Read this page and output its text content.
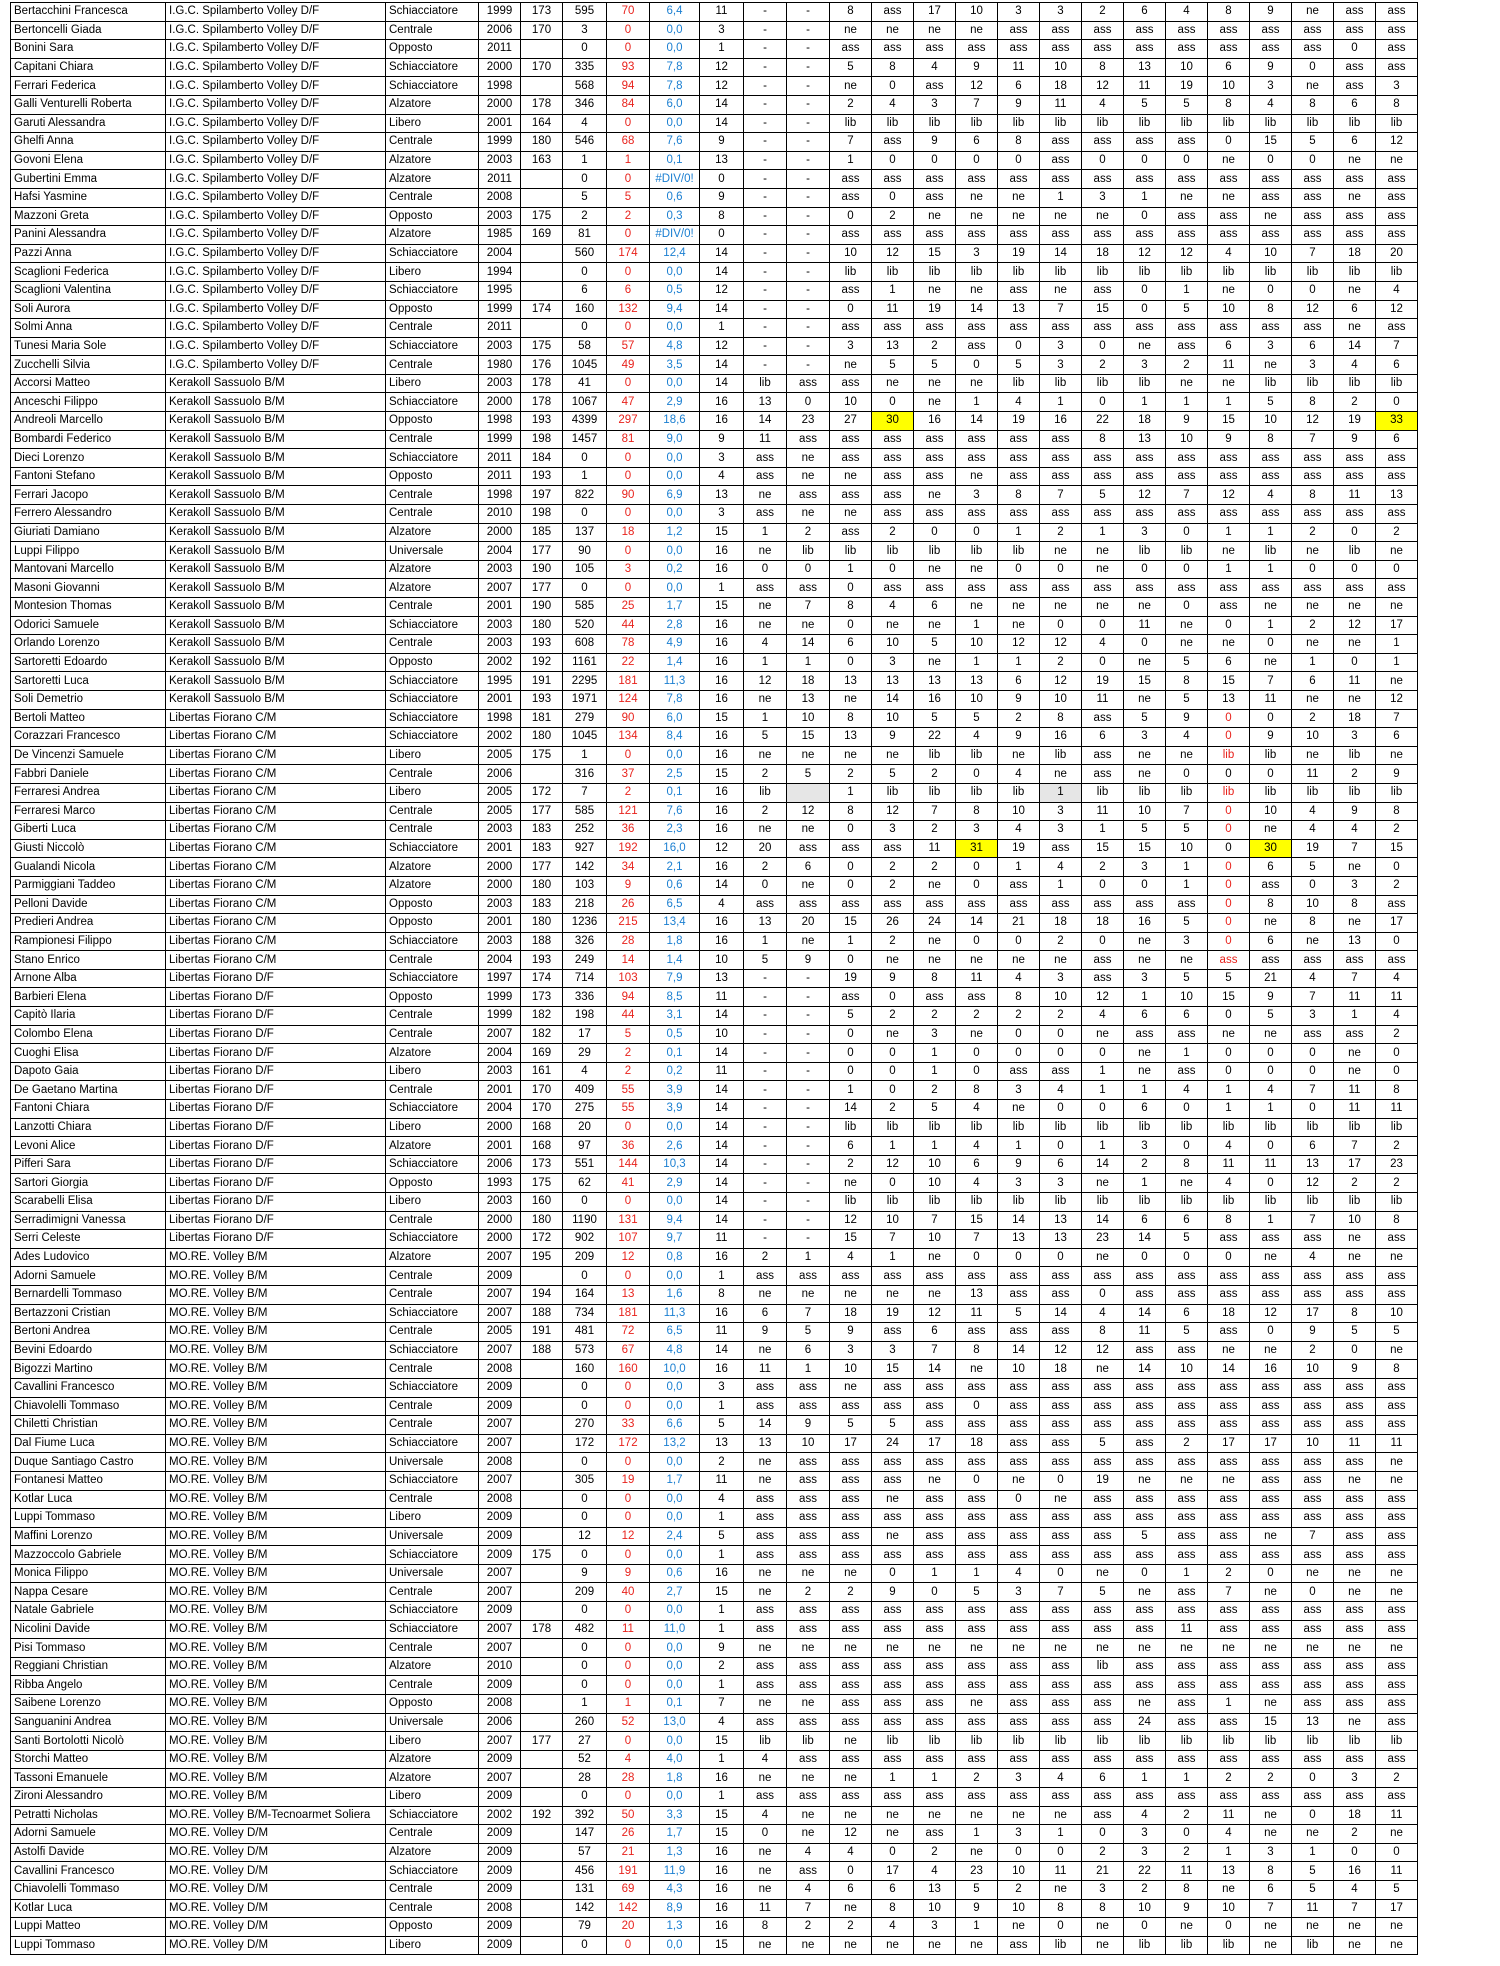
Bertacchini Francesca	I.G.C. Spilamberto Volley D/F	Schiacciatore	1999	173	595	70	6,4	11	-	-	8	ass	17	10	3	3	2	6	4	8	9	ne	ass	ass
Bertoncelli Giada	I.G.C. Spilamberto Volley D/F	Centrale	2006	170	3	0	0,0	3	-	-	ne	ne	ne	ne	ass	ass	ass	ass	ass	ass	ass	ass	ass	ass
Bonini Sara	I.G.C. Spilamberto Volley D/F	Opposto	2011		0	0	0,0	1	-	-	ass	ass	ass	ass	ass	ass	ass	ass	ass	ass	ass	ass	0	ass
Capitani Chiara	I.G.C. Spilamberto Volley D/F	Schiacciatore	2000	170	335	93	7,8	12	-	-	5	8	4	9	11	10	8	13	10	6	9	0	ass	ass
Ferrari Federica	I.G.C. Spilamberto Volley D/F	Schiacciatore	1998		568	94	7,8	12	-	-	ne	0	ass	12	6	18	12	11	19	10	3	ne	ass	3
Galli Venturelli Roberta	I.G.C. Spilamberto Volley D/F	Alzatore	2000	178	346	84	6,0	14	-	-	2	4	3	7	9	11	4	5	5	8	4	8	6	8
Garuti Alessandra	I.G.C. Spilamberto Volley D/F	Libero	2001	164	4	0	0,0	14	-	-	lib	lib	lib	lib	lib	lib	lib	lib	lib	lib	lib	lib	lib	lib
Ghelfi Anna	I.G.C. Spilamberto Volley D/F	Centrale	1999	180	546	68	7,6	9	-	-	7	ass	9	6	8	ass	ass	ass	ass	0	15	5	6	12
Govoni Elena	I.G.C. Spilamberto Volley D/F	Alzatore	2003	163	1	1	0,1	13	-	-	1	0	0	0	0	ass	0	0	0	ne	0	0	ne	ne
Gubertini Emma	I.G.C. Spilamberto Volley D/F	Alzatore	2011		0	0	#DIV/0!	0	-	-	ass	ass	ass	ass	ass	ass	ass	ass	ass	ass	ass	ass	ass	ass
Hafsi Yasmine	I.G.C. Spilamberto Volley D/F	Centrale	2008		5	5	0,6	9	-	-	ass	0	ass	ne	ne	1	3	1	ne	ne	ass	ass	ne	ass
Mazzoni Greta	I.G.C. Spilamberto Volley D/F	Opposto	2003	175	2	2	0,3	8	-	-	0	2	ne	ne	ne	ne	ne	0	ass	ass	ne	ass	ass	ass
Panini Alessandra	I.G.C. Spilamberto Volley D/F	Alzatore	1985	169	81	0	#DIV/0!	0	-	-	ass	ass	ass	ass	ass	ass	ass	ass	ass	ass	ass	ass	ass	ass
Pazzi Anna	I.G.C. Spilamberto Volley D/F	Schiacciatore	2004		560	174	12,4	14	-	-	10	12	15	3	19	14	18	12	12	4	10	7	18	20
Scaglioni Federica	I.G.C. Spilamberto Volley D/F	Libero	1994		0	0	0,0	14	-	-	lib	lib	lib	lib	lib	lib	lib	lib	lib	lib	lib	lib	lib	lib
Scaglioni Valentina	I.G.C. Spilamberto Volley D/F	Schiacciatore	1995		6	6	0,5	12	-	-	ass	1	ne	ne	ass	ne	ass	0	1	ne	0	0	ne	4
Soli Aurora	I.G.C. Spilamberto Volley D/F	Opposto	1999	174	160	132	9,4	14	-	-	0	11	19	14	13	7	15	0	5	10	8	12	6	12
Solmi Anna	I.G.C. Spilamberto Volley D/F	Centrale	2011		0	0	0,0	1	-	-	ass	ass	ass	ass	ass	ass	ass	ass	ass	ass	ass	ass	ne	ass
Tunesi Maria Sole	I.G.C. Spilamberto Volley D/F	Schiacciatore	2003	175	58	57	4,8	12	-	-	3	13	2	ass	0	3	0	ne	ass	6	3	6	14	7
Zucchelli Silvia	I.G.C. Spilamberto Volley D/F	Centrale	1980	176	1045	49	3,5	14	-	-	ne	5	5	0	5	3	2	3	2	11	ne	3	4	6
Accorsi Matteo	Kerakoll Sassuolo B/M	Libero	2003	178	41	0	0,0	14	lib	ass	ass	ne	ne	ne	lib	lib	lib	lib	ne	ne	lib	lib	lib	lib
Anceschi Filippo	Kerakoll Sassuolo B/M	Schiacciatore	2000	178	1067	47	2,9	16	13	0	10	0	ne	1	4	1	0	1	1	1	5	8	2	0
Andreoli Marcello	Kerakoll Sassuolo B/M	Opposto	1998	193	4399	297	18,6	16	14	23	27	30	16	14	19	16	22	18	9	15	10	12	19	33
Bombardi Federico	Kerakoll Sassuolo B/M	Centrale	1999	198	1457	81	9,0	9	11	ass	ass	ass	ass	ass	ass	ass	8	13	10	9	8	7	9	6
Dieci Lorenzo	Kerakoll Sassuolo B/M	Schiacciatore	2011	184	0	0	0,0	3	ass	ne	ass	ass	ass	ass	ass	ass	ass	ass	ass	ass	ass	ass	ass	ass
Fantoni Stefano	Kerakoll Sassuolo B/M	Opposto	2011	193	1	0	0,0	4	ass	ne	ne	ass	ass	ne	ass	ass	ass	ass	ass	ass	ass	ass	ass	ass
Ferrari Jacopo	Kerakoll Sassuolo B/M	Centrale	1998	197	822	90	6,9	13	ne	ass	ass	ass	ne	3	8	7	5	12	7	12	4	8	11	13
Ferrero Alessandro	Kerakoll Sassuolo B/M	Centrale	2010	198	0	0	0,0	3	ass	ne	ne	ass	ass	ass	ass	ass	ass	ass	ass	ass	ass	ass	ass	ass
Giuriati Damiano	Kerakoll Sassuolo B/M	Alzatore	2000	185	137	18	1,2	15	1	2	ass	2	0	0	1	2	1	3	0	1	1	2	0	2
Luppi Filippo	Kerakoll Sassuolo B/M	Universale	2004	177	90	0	0,0	16	ne	lib	lib	lib	lib	lib	lib	ne	ne	lib	lib	ne	lib	ne	lib	ne
Mantovani Marcello	Kerakoll Sassuolo B/M	Alzatore	2003	190	105	3	0,2	16	0	0	1	0	ne	ne	0	0	ne	0	0	1	1	0	0	0
Masoni Giovanni	Kerakoll Sassuolo B/M	Alzatore	2007	177	0	0	0,0	1	ass	ass	0	ass	ass	ass	ass	ass	ass	ass	ass	ass	ass	ass	ass	ass
Montesion Thomas	Kerakoll Sassuolo B/M	Centrale	2001	190	585	25	1,7	15	ne	7	8	4	6	ne	ne	ne	ne	ne	0	ass	ne	ne	ne	ne
Odorici Samuele	Kerakoll Sassuolo B/M	Schiacciatore	2003	180	520	44	2,8	16	ne	ne	0	ne	ne	1	ne	0	0	11	ne	0	1	2	12	17
Orlando Lorenzo	Kerakoll Sassuolo B/M	Centrale	2003	193	608	78	4,9	16	4	14	6	10	5	10	12	12	4	0	ne	ne	0	ne	ne	1
Sartoretti Edoardo	Kerakoll Sassuolo B/M	Opposto	2002	192	1161	22	1,4	16	1	1	0	3	ne	1	1	2	0	ne	5	6	ne	1	0	1
Sartoretti Luca	Kerakoll Sassuolo B/M	Schiacciatore	1995	191	2295	181	11,3	16	12	18	13	13	13	13	6	12	19	15	8	15	7	6	11	ne
Soli Demetrio	Kerakoll Sassuolo B/M	Schiacciatore	2001	193	1971	124	7,8	16	ne	13	ne	14	16	10	9	10	11	ne	5	13	11	ne	ne	12
Bertoli Matteo	Libertas Fiorano C/M	Schiacciatore	1998	181	279	90	6,0	15	1	10	8	10	5	5	2	8	ass	5	9	0	0	2	18	7
Corazzari Francesco	Libertas Fiorano C/M	Schiacciatore	2002	180	1045	134	8,4	16	5	15	13	9	22	4	9	16	6	3	4	0	9	10	3	6
De Vincenzi Samuele	Libertas Fiorano C/M	Libero	2005	175	1	0	0,0	16	ne	ne	ne	ne	lib	lib	ne	lib	ass	ne	ne	lib	lib	ne	lib	ne
Fabbri Daniele	Libertas Fiorano C/M	Centrale	2006		316	37	2,5	15	2	5	2	5	2	0	4	ne	ass	ne	0	0	0	11	2	9
Ferraresi Andrea	Libertas Fiorano C/M	Libero	2005	172	7	2	0,1	16	lib		1	lib	lib	lib	lib	1	lib	lib	lib	lib	lib	lib	lib	lib
Ferraresi Marco	Libertas Fiorano C/M	Centrale	2005	177	585	121	7,6	16	2	12	8	12	7	8	10	3	11	10	7	0	10	4	9	8
Giberti Luca	Libertas Fiorano C/M	Centrale	2003	183	252	36	2,3	16	ne	ne	0	3	2	3	4	3	1	5	5	0	ne	4	4	2
Giusti Niccolò	Libertas Fiorano C/M	Schiacciatore	2001	183	927	192	16,0	12	20	ass	ass	ass	11	31	19	ass	15	15	10	0	30	19	7	15
Gualandi Nicola	Libertas Fiorano C/M	Alzatore	2000	177	142	34	2,1	16	2	6	0	2	2	0	1	4	2	3	1	0	6	5	ne	0
Parmiggiani Taddeo	Libertas Fiorano C/M	Alzatore	2000	180	103	9	0,6	14	0	ne	0	2	ne	0	ass	1	0	0	1	0	ass	0	3	2
Pelloni Davide	Libertas Fiorano C/M	Opposto	2003	183	218	26	6,5	4	ass	ass	ass	ass	ass	ass	ass	ass	ass	ass	ass	0	8	10	8	ass
Predieri Andrea	Libertas Fiorano C/M	Opposto	2001	180	1236	215	13,4	16	13	20	15	26	24	14	21	18	18	16	5	0	ne	8	ne	17
Rampionesi Filippo	Libertas Fiorano C/M	Schiacciatore	2003	188	326	28	1,8	16	1	ne	1	2	ne	0	0	2	0	ne	3	0	6	ne	13	0
Stano Enrico	Libertas Fiorano C/M	Centrale	2004	193	249	14	1,4	10	5	9	0	ne	ne	ne	ne	ne	ass	ne	ne	ass	ass	ass	ass	ass
Arnone Alba	Libertas Fiorano D/F	Schiacciatore	1997	174	714	103	7,9	13	-	-	19	9	8	11	4	3	ass	3	5	5	21	4	7	4
Barbieri Elena	Libertas Fiorano D/F	Opposto	1999	173	336	94	8,5	11	-	-	ass	0	ass	ass	8	10	12	1	10	15	9	7	11	11
Capitò Ilaria	Libertas Fiorano D/F	Centrale	1999	182	198	44	3,1	14	-	-	5	2	2	2	2	2	4	6	6	0	5	3	1	4
Colombo Elena	Libertas Fiorano D/F	Centrale	2007	182	17	5	0,5	10	-	-	0	ne	3	ne	0	0	ne	ass	ass	ne	ne	ass	ass	2
Cuoghi Elisa	Libertas Fiorano D/F	Alzatore	2004	169	29	2	0,1	14	-	-	0	0	1	0	0	0	0	ne	1	0	0	0	ne	0
Dapoto Gaia	Libertas Fiorano D/F	Libero	2003	161	4	2	0,2	11	-	-	0	0	1	0	ass	ass	1	ne	ass	0	0	0	ne	0
De Gaetano Martina	Libertas Fiorano D/F	Centrale	2001	170	409	55	3,9	14	-	-	1	0	2	8	3	4	1	1	4	1	4	7	11	8
Fantoni Chiara	Libertas Fiorano D/F	Schiacciatore	2004	170	275	55	3,9	14	-	-	14	2	5	4	ne	0	0	6	0	1	1	0	11	11
Lanzotti Chiara	Libertas Fiorano D/F	Libero	2000	168	20	0	0,0	14	-	-	lib	lib	lib	lib	lib	lib	lib	lib	lib	lib	lib	lib	lib	lib
Levoni Alice	Libertas Fiorano D/F	Alzatore	2001	168	97	36	2,6	14	-	-	6	1	1	4	1	0	1	3	0	4	0	6	7	2
Pifferi Sara	Libertas Fiorano D/F	Schiacciatore	2006	173	551	144	10,3	14	-	-	2	12	10	6	9	6	14	2	8	11	11	13	17	23
Sartori Giorgia	Libertas Fiorano D/F	Opposto	1993	175	62	41	2,9	14	-	-	ne	0	10	4	3	3	ne	1	ne	4	0	12	2	2
Scarabelli Elisa	Libertas Fiorano D/F	Libero	2003	160	0	0	0,0	14	-	-	lib	lib	lib	lib	lib	lib	lib	lib	lib	lib	lib	lib	lib	lib
Serradimigni Vanessa	Libertas Fiorano D/F	Centrale	2000	180	1190	131	9,4	14	-	-	12	10	7	15	14	13	14	6	6	8	1	7	10	8
Serri Celeste	Libertas Fiorano D/F	Schiacciatore	2000	172	902	107	9,7	11	-	-	15	7	10	7	13	13	23	14	5	ass	ass	ass	ne	ass
Ades Ludovico	MO.RE. Volley B/M	Alzatore	2007	195	209	12	0,8	16	2	1	4	1	ne	0	0	0	ne	0	0	0	ne	4	ne	ne
Adorni Samuele	MO.RE. Volley B/M	Centrale	2009		0	0	0,0	1	ass	ass	ass	ass	ass	ass	ass	ass	ass	ass	ass	ass	ass	ass	ass	ass
Bernardelli Tommaso	MO.RE. Volley B/M	Centrale	2007	194	164	13	1,6	8	ne	ne	ne	ne	ne	13	ass	ass	0	ass	ass	ass	ass	ass	ass	ass
Bertazzoni Cristian	MO.RE. Volley B/M	Schiacciatore	2007	188	734	181	11,3	16	6	7	18	19	12	11	5	14	4	14	6	18	12	17	8	10
Bertoni Andrea	MO.RE. Volley B/M	Centrale	2005	191	481	72	6,5	11	9	5	9	ass	6	ass	ass	ass	8	11	5	ass	0	9	5	5
Bevini Edoardo	MO.RE. Volley B/M	Schiacciatore	2007	188	573	67	4,8	14	ne	6	3	3	7	8	14	12	12	ass	ass	ne	ne	2	0	ne
Bigozzi Martino	MO.RE. Volley B/M	Centrale	2008		160	160	10,0	16	11	1	10	15	14	ne	10	18	ne	14	10	14	16	10	9	8
Cavallini Francesco	MO.RE. Volley B/M	Schiacciatore	2009		0	0	0,0	3	ass	ass	ne	ass	ass	ass	ass	ass	ass	ass	ass	ass	ass	ass	ass	ass
Chiavolelli Tommaso	MO.RE. Volley B/M	Centrale	2009		0	0	0,0	1	ass	ass	ass	ass	ass	0	ass	ass	ass	ass	ass	ass	ass	ass	ass	ass
Chiletti Christian	MO.RE. Volley B/M	Centrale	2007		270	33	6,6	5	14	9	5	5	ass	ass	ass	ass	ass	ass	ass	ass	ass	ass	ass	ass
Dal Fiume Luca	MO.RE. Volley B/M	Schiacciatore	2007		172	172	13,2	13	13	10	17	24	17	18	ass	ass	5	ass	2	17	17	10	11	11
Duque Santiago Castro	MO.RE. Volley B/M	Universale	2008		0	0	0,0	2	ne	ass	ass	ass	ass	ass	ass	ass	ass	ass	ass	ass	ass	ass	ass	ne
Fontanesi Matteo	MO.RE. Volley B/M	Schiacciatore	2007		305	19	1,7	11	ne	ass	ass	ass	ne	0	ne	0	19	ne	ne	ne	ass	ass	ne	ne
Kotlar Luca	MO.RE. Volley B/M	Centrale	2008		0	0	0,0	4	ass	ass	ass	ne	ass	ass	0	ne	ass	ass	ass	ass	ass	ass	ass	ass
Luppi Tommaso	MO.RE. Volley B/M	Libero	2009		0	0	0,0	1	ass	ass	ass	ass	ass	ass	ass	ass	ass	ass	ass	ass	ass	ass	ass	ass
Maffini Lorenzo	MO.RE. Volley B/M	Universale	2009		12	12	2,4	5	ass	ass	ass	ne	ass	ass	ass	ass	ass	5	ass	ass	ne	7	ass	ass
Mazzoccolo Gabriele	MO.RE. Volley B/M	Schiacciatore	2009	175	0	0	0,0	1	ass	ass	ass	ass	ass	ass	ass	ass	ass	ass	ass	ass	ass	ass	ass	ass
Monica Filippo	MO.RE. Volley B/M	Universale	2007		9	9	0,6	16	ne	ne	ne	0	1	1	4	0	ne	0	1	2	0	ne	ne	ne
Nappa Cesare	MO.RE. Volley B/M	Centrale	2007		209	40	2,7	15	ne	2	2	9	0	5	3	7	5	ne	ass	7	ne	0	ne	ne
Natale Gabriele	MO.RE. Volley B/M	Schiacciatore	2009		0	0	0,0	1	ass	ass	ass	ass	ass	ass	ass	ass	ass	ass	ass	ass	ass	ass	ass	ass
Nicolini Davide	MO.RE. Volley B/M	Schiacciatore	2007	178	482	11	11,0	1	ass	ass	ass	ass	ass	ass	ass	ass	ass	ass	11	ass	ass	ass	ass	ass
Pisi Tommaso	MO.RE. Volley B/M	Centrale	2007		0	0	0,0	9	ne	ne	ne	ne	ne	ne	ne	ne	ne	ne	ne	ne	ne	ne	ne	ne
Reggiani Christian	MO.RE. Volley B/M	Alzatore	2010		0	0	0,0	2	ass	ass	ass	ass	ass	ass	ass	ass	lib	ass	ass	ass	ass	ass	ass	ass
Ribba Angelo	MO.RE. Volley B/M	Centrale	2009		0	0	0,0	1	ass	ass	ass	ass	ass	ass	ass	ass	ass	ass	ass	ass	ass	ass	ass	ass
Saibene Lorenzo	MO.RE. Volley B/M	Opposto	2008		1	1	0,1	7	ne	ne	ass	ass	ass	ne	ass	ass	ass	ne	ass	1	ne	ass	ass	ass
Sanguanini Andrea	MO.RE. Volley B/M	Universale	2006		260	52	13,0	4	ass	ass	ass	ass	ass	ass	ass	ass	ass	24	ass	ass	15	13	ne	ass
Santi Bortolotti Nicolò	MO.RE. Volley B/M	Libero	2007	177	27	0	0,0	15	lib	lib	ne	lib	lib	lib	lib	lib	lib	lib	lib	lib	lib	lib	lib	lib
Storchi Matteo	MO.RE. Volley B/M	Alzatore	2009		52	4	4,0	1	4	ass	ass	ass	ass	ass	ass	ass	ass	ass	ass	ass	ass	ass	ass	ass
Tassoni Emanuele	MO.RE. Volley B/M	Alzatore	2007		28	28	1,8	16	ne	ne	ne	1	1	2	3	4	6	1	1	2	2	0	3	2
Zironi Alessandro	MO.RE. Volley B/M	Libero	2009		0	0	0,0	1	ass	ass	ass	ass	ass	ass	ass	ass	ass	ass	ass	ass	ass	ass	ass	ass
Petratti Nicholas	MO.RE. Volley B/M-Tecnoarmet Soliera	Schiacciatore	2002	192	392	50	3,3	15	4	ne	ne	ne	ne	ne	ne	ne	ass	4	2	11	ne	0	18	11
Adorni Samuele	MO.RE. Volley D/M	Centrale	2009		147	26	1,7	15	0	ne	12	ne	ass	1	3	1	0	3	0	4	ne	ne	2	ne
Astolfi Davide	MO.RE. Volley D/M	Alzatore	2009		57	21	1,3	16	ne	4	4	0	2	ne	0	0	2	3	2	1	3	1	0	0
Cavallini Francesco	MO.RE. Volley D/M	Schiacciatore	2009		456	191	11,9	16	ne	ass	0	17	4	23	10	11	21	22	11	13	8	5	16	11
Chiavolelli Tommaso	MO.RE. Volley D/M	Centrale	2009		131	69	4,3	16	ne	4	6	6	13	5	2	ne	3	2	8	ne	6	5	4	5
Kotlar Luca	MO.RE. Volley D/M	Centrale	2008		142	142	8,9	16	11	7	ne	8	10	9	10	8	8	10	9	10	7	11	7	17
Luppi Matteo	MO.RE. Volley D/M	Opposto	2009		79	20	1,3	16	8	2	2	4	3	1	ne	0	ne	0	ne	0	ne	ne	ne	ne
Luppi Tommaso	MO.RE. Volley D/M	Libero	2009		0	0	0,0	15	ne	ne	ne	ne	ne	ne	ass	lib	ne	lib	lib	lib	ne	lib	ne	ne
